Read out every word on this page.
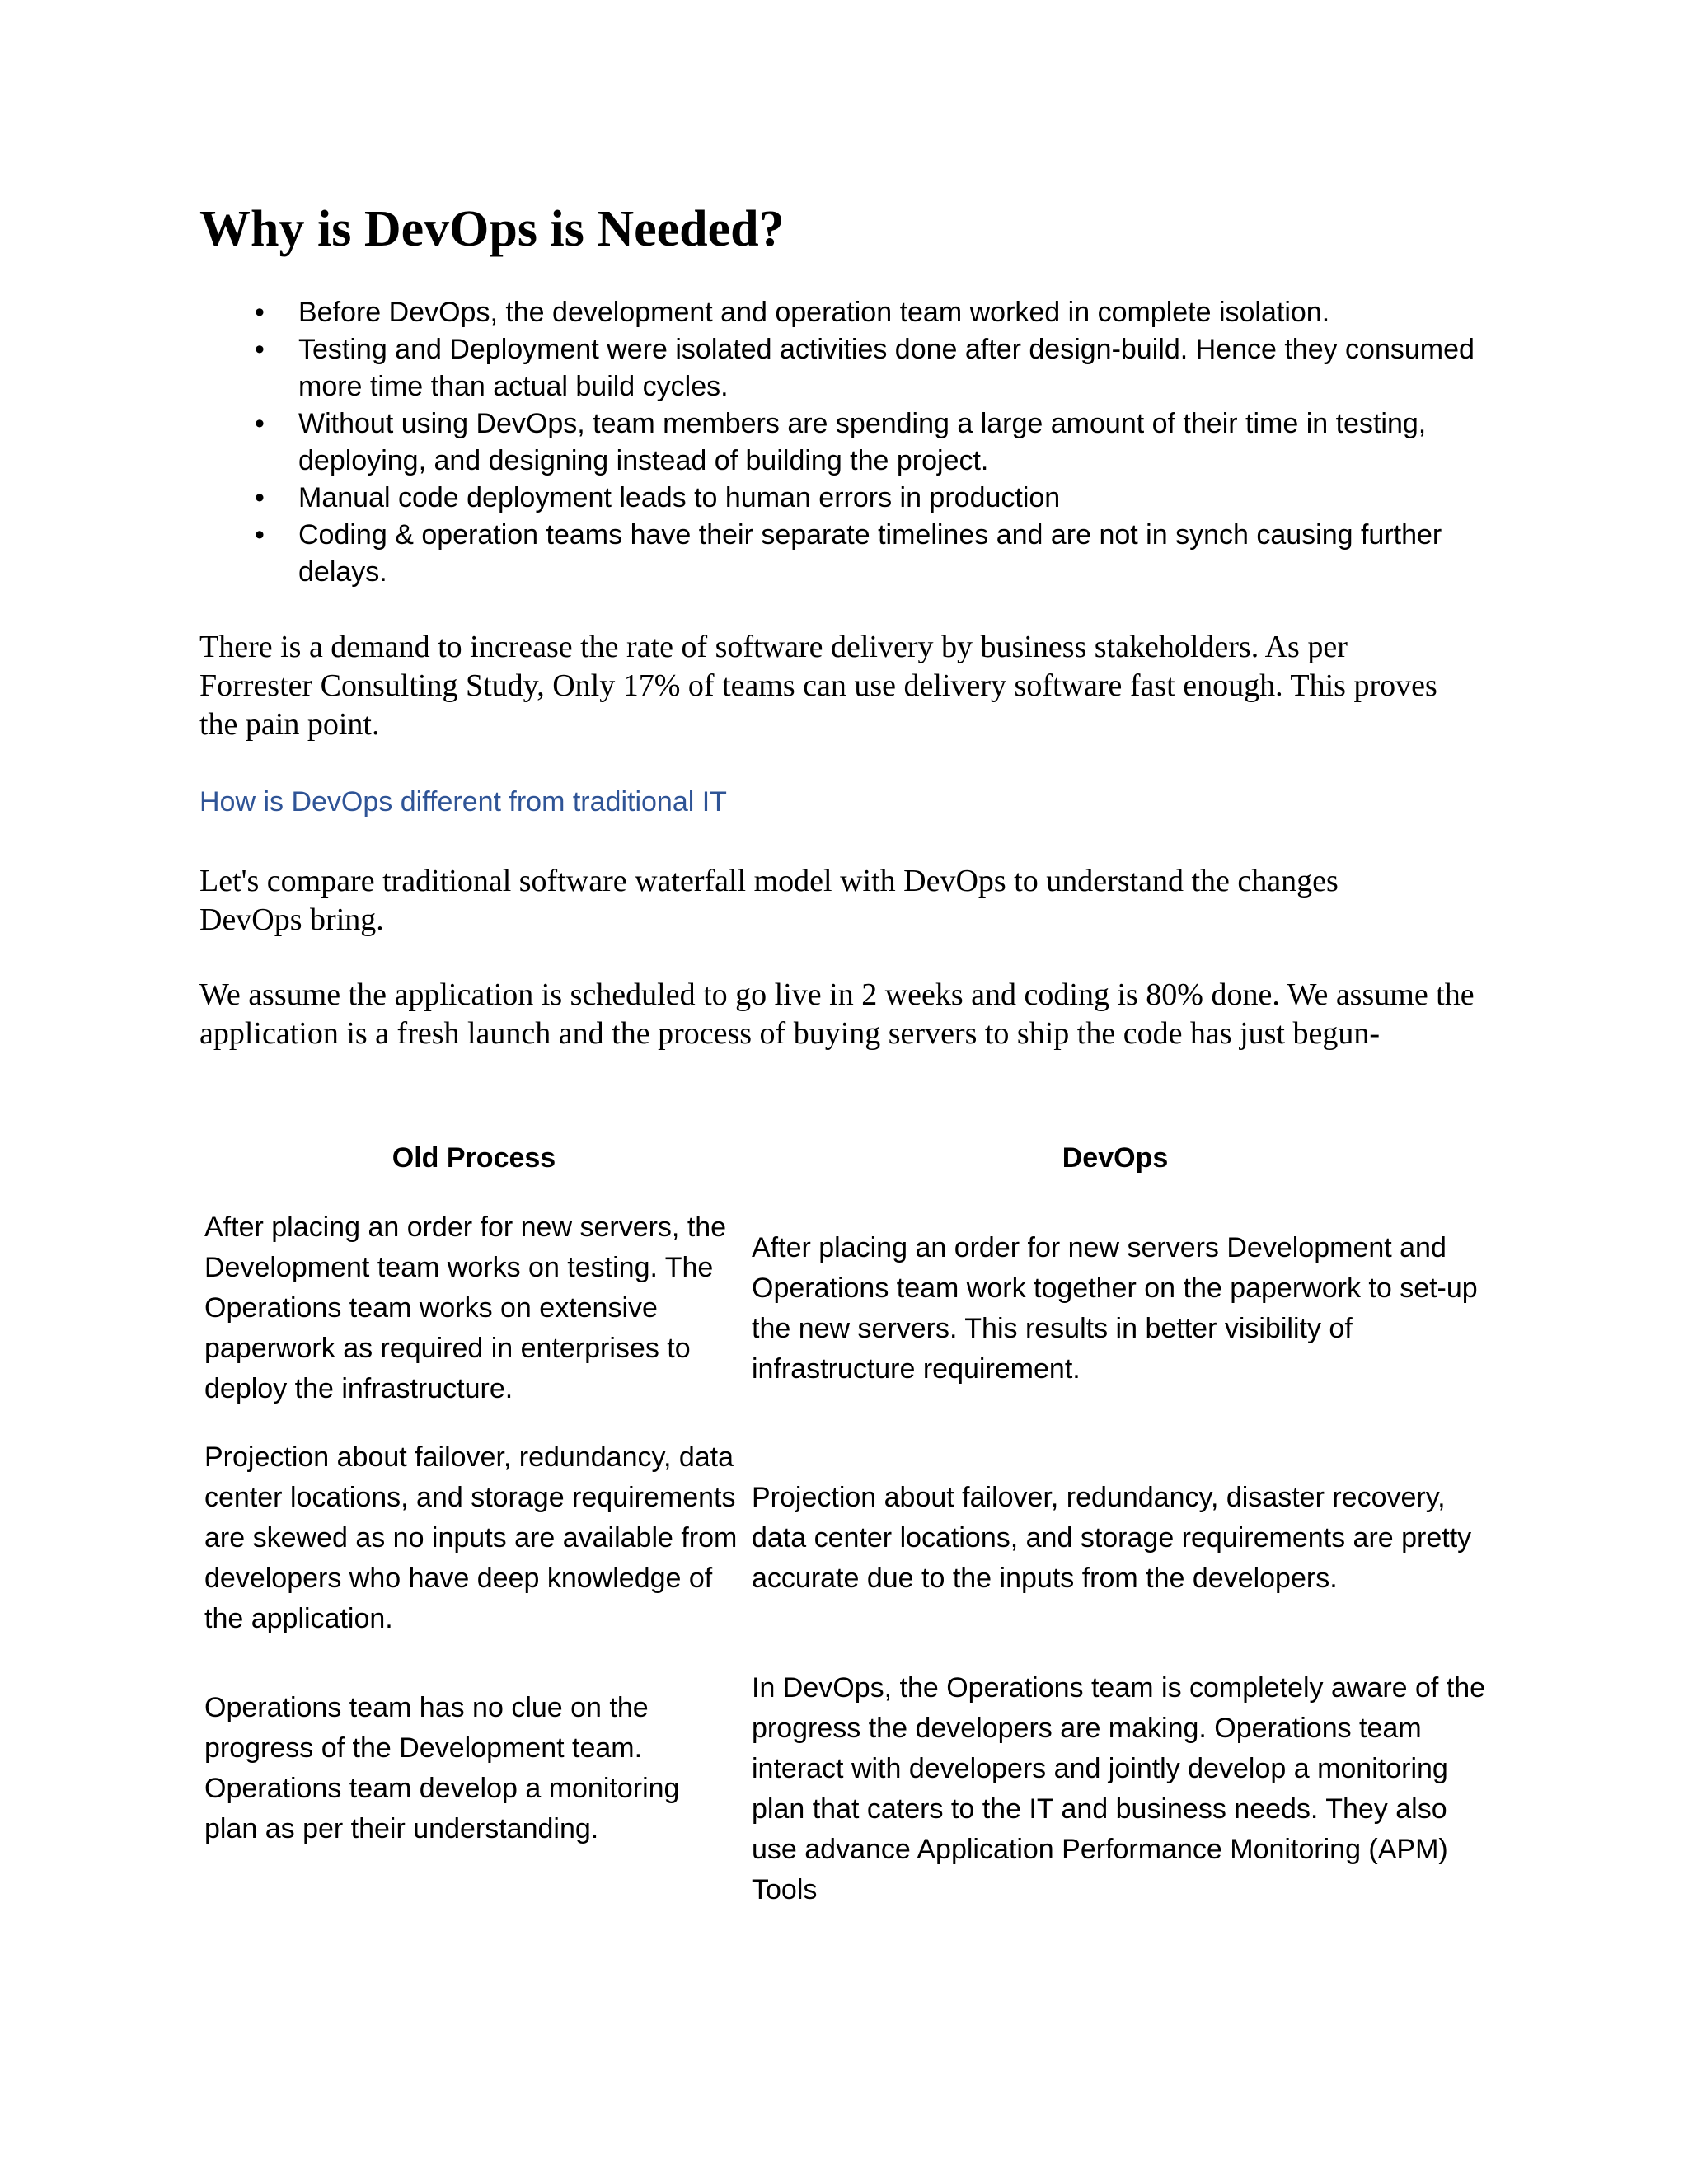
Why is DevOps is Needed?
• Before DevOps, the development and operation team worked in complete isolation.
• Testing and Deployment were isolated activities done after design-build. Hence they consumed more time than actual build cycles.
• Without using DevOps, team members are spending a large amount of their time in testing, deploying, and designing instead of building the project.
• Manual code deployment leads to human errors in production
• Coding & operation teams have their separate timelines and are not in synch causing further delays.

There is a demand to increase the rate of software delivery by business stakeholders. As per Forrester Consulting Study, Only 17% of teams can use delivery software fast enough. This proves the pain point.

How is DevOps different from traditional IT

Let's compare traditional software waterfall model with DevOps to understand the changes DevOps bring.

We assume the application is scheduled to go live in 2 weeks and coding is 80% done. We assume the application is a fresh launch and the process of buying servers to ship the code has just begun-

Old Process	DevOps

After placing an order for new servers, the Development team works on testing. The Operations team works on extensive paperwork as required in enterprises to deploy the infrastructure.

After placing an order for new servers Development and Operations team work together on the paperwork to set-up the new servers. This results in better visibility of infrastructure requirement.

Projection about failover, redundancy, data center locations, and storage requirements are skewed as no inputs are available from developers who have deep knowledge of the application.

Projection about failover, redundancy, disaster recovery, data center locations, and storage requirements are pretty accurate due to the inputs from the developers.

Operations team has no clue on the progress of the Development team. Operations team develop a monitoring plan as per their understanding.

In DevOps, the Operations team is completely aware of the progress the developers are making. Operations team interact with developers and jointly develop a monitoring plan that caters to the IT and business needs. They also use advance Application Performance Monitoring (APM) Tools
